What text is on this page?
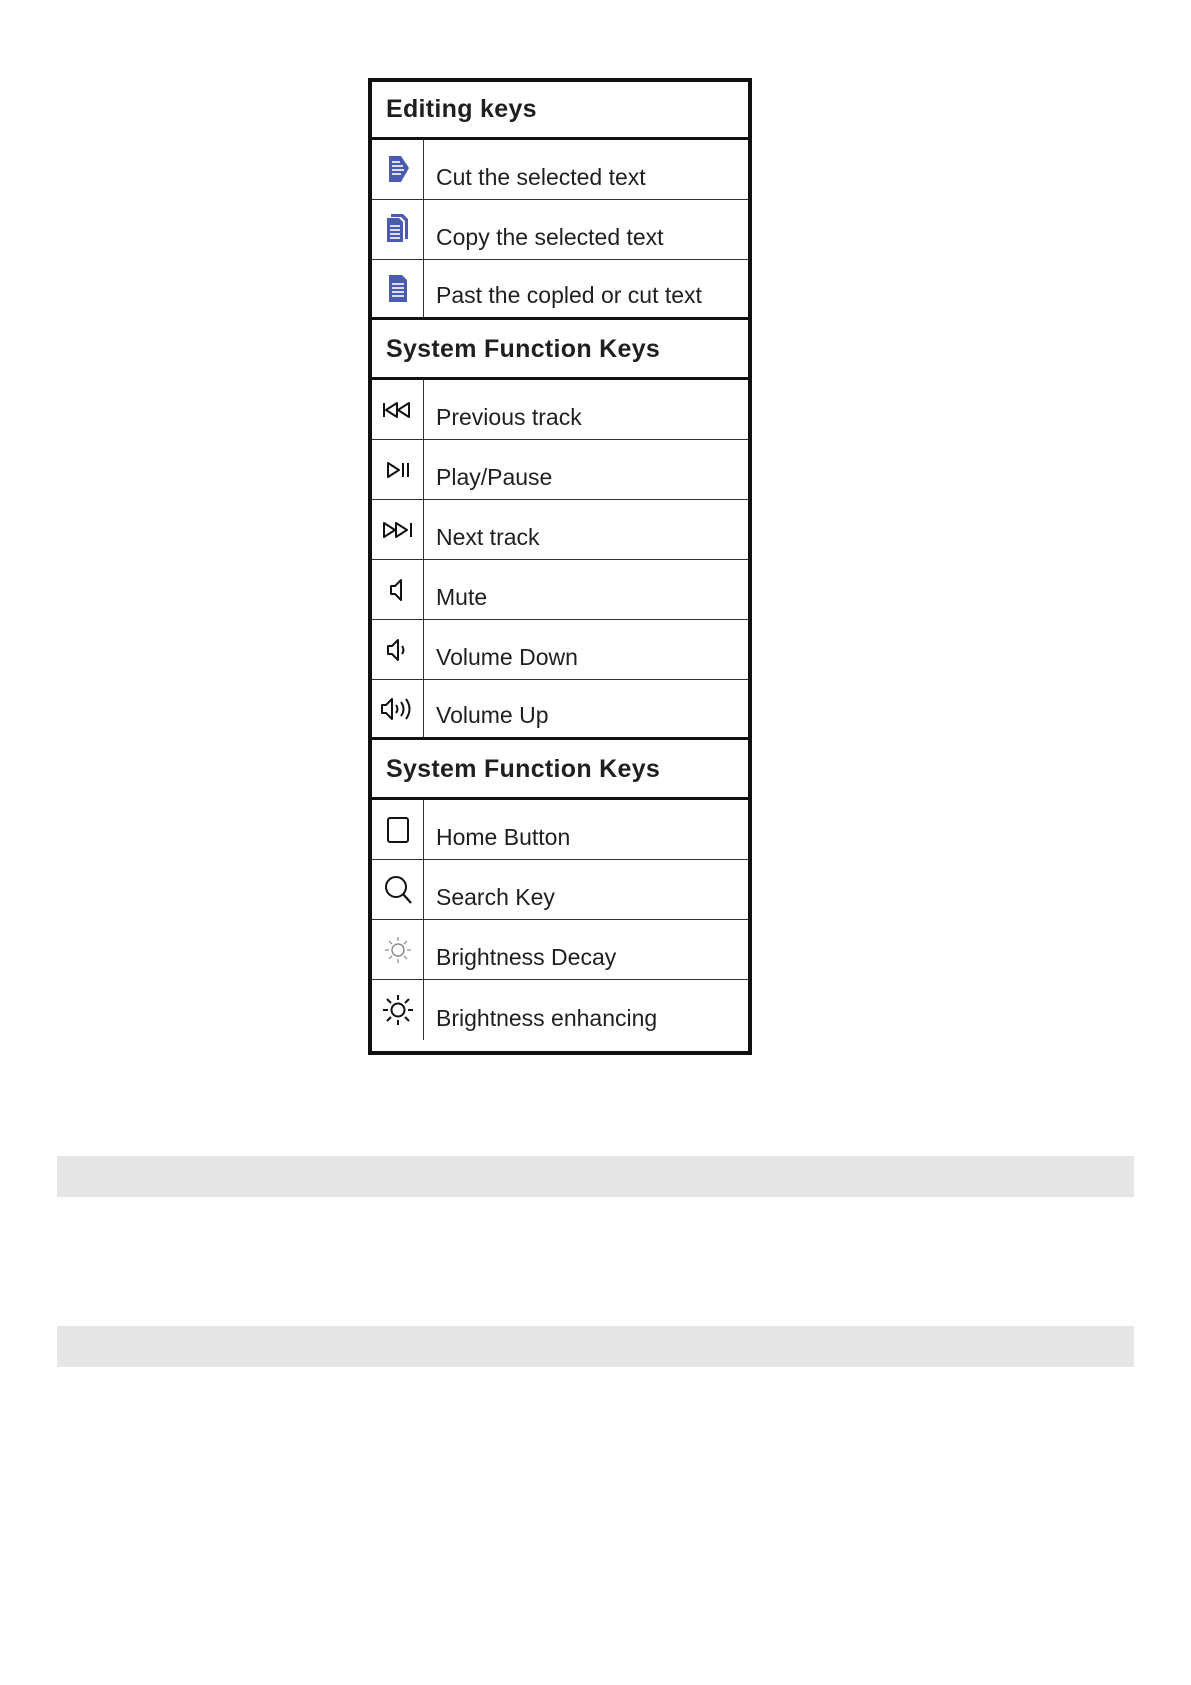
Editing keys
Cut the selected text
Copy the selected text
Past the copled or cut text
System Function Keys
Previous track
Play/Pause
Next track
Mute
Volume Down
Volume Up
System Function Keys
Home Button
Search Key
Brightness Decay
Brightness enhancing
